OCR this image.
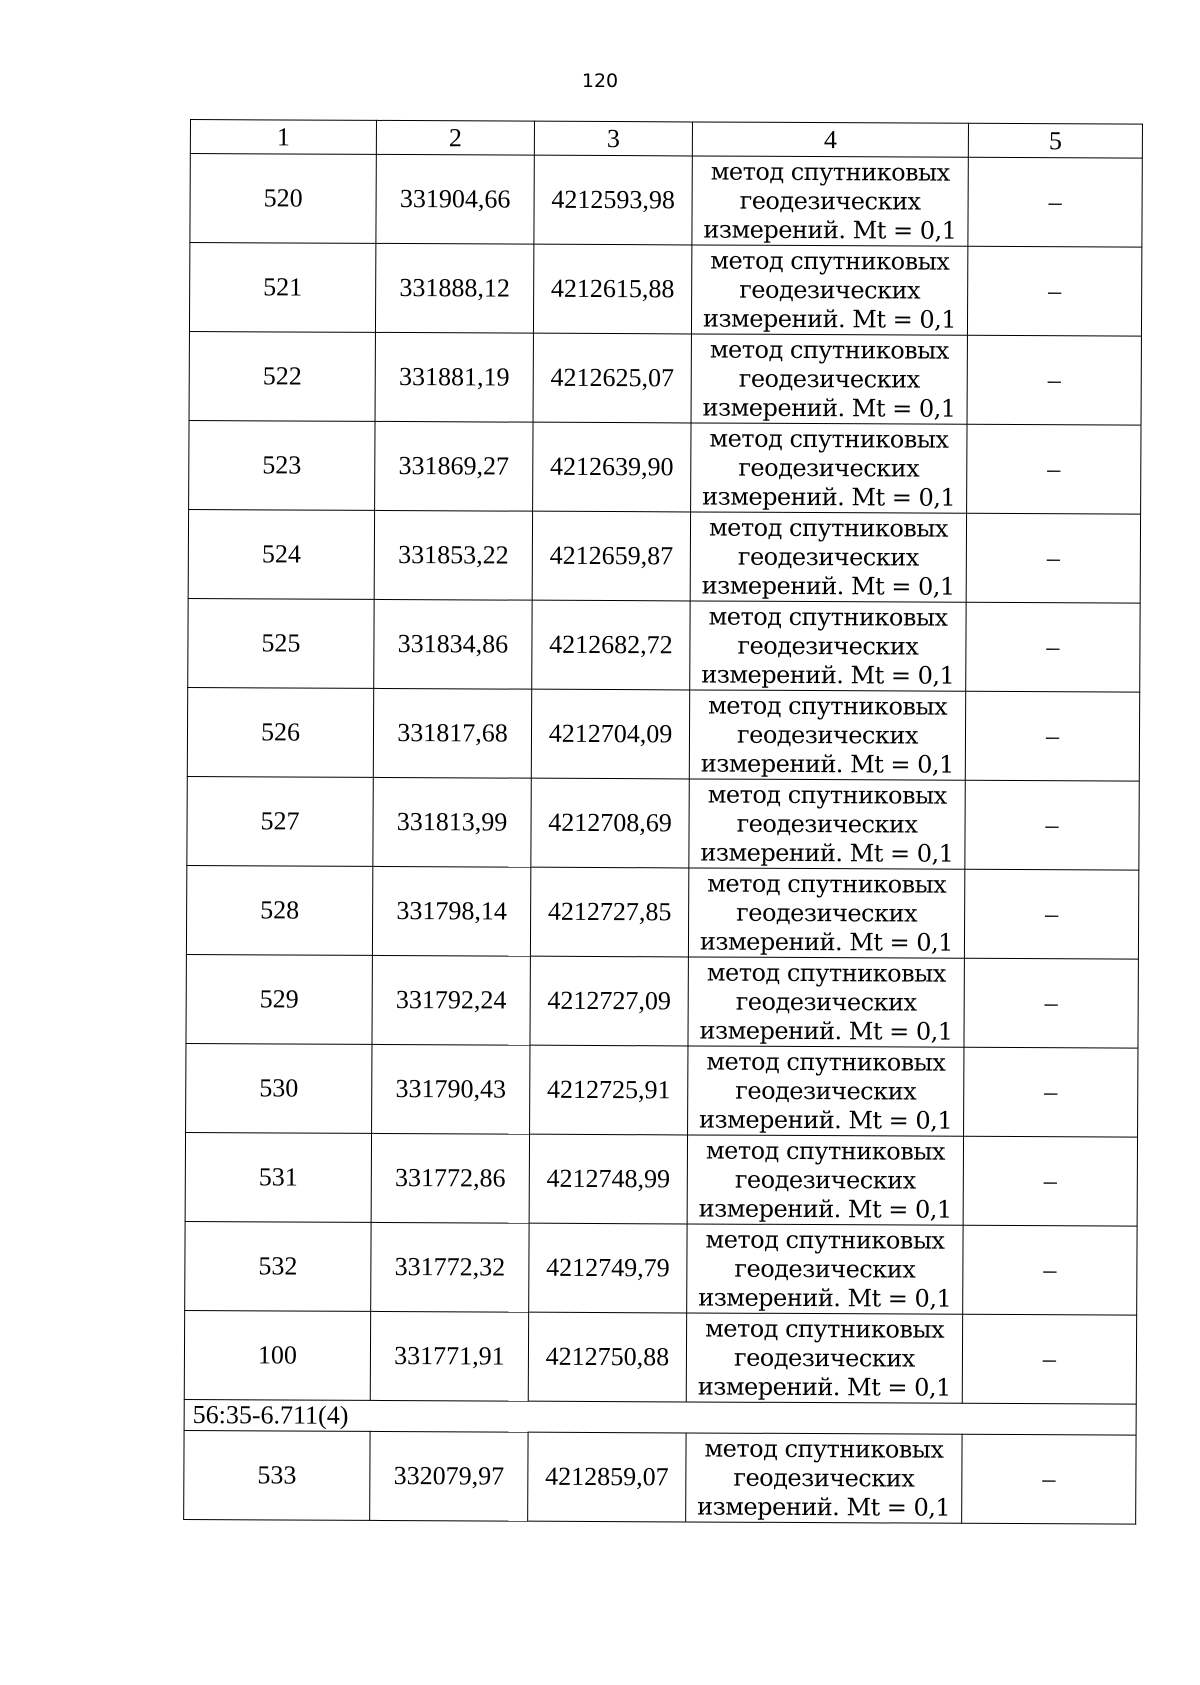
120
1	2	3	4	5
520	331904,66	4212593,98	метод спутниковых
геодезических
измерений. Mt = 0,1	–
521	331888,12	4212615,88	метод спутниковых
геодезических
измерений. Mt = 0,1	–
522	331881,19	4212625,07	метод спутниковых
геодезических
измерений. Mt = 0,1	–
523	331869,27	4212639,90	метод спутниковых
геодезических
измерений. Mt = 0,1	–
524	331853,22	4212659,87	метод спутниковых
геодезических
измерений. Mt = 0,1	–
525	331834,86	4212682,72	метод спутниковых
геодезических
измерений. Mt = 0,1	–
526	331817,68	4212704,09	метод спутниковых
геодезических
измерений. Mt = 0,1	–
527	331813,99	4212708,69	метод спутниковых
геодезических
измерений. Mt = 0,1	–
528	331798,14	4212727,85	метод спутниковых
геодезических
измерений. Mt = 0,1	–
529	331792,24	4212727,09	метод спутниковых
геодезических
измерений. Mt = 0,1	–
530	331790,43	4212725,91	метод спутниковых
геодезических
измерений. Mt = 0,1	–
531	331772,86	4212748,99	метод спутниковых
геодезических
измерений. Mt = 0,1	–
532	331772,32	4212749,79	метод спутниковых
геодезических
измерений. Mt = 0,1	–
100	331771,91	4212750,88	метод спутниковых
геодезических
измерений. Mt = 0,1	–
56:35-6.711(4)				
533	332079,97	4212859,07	метод спутниковых
геодезических
измерений. Mt = 0,1	–
